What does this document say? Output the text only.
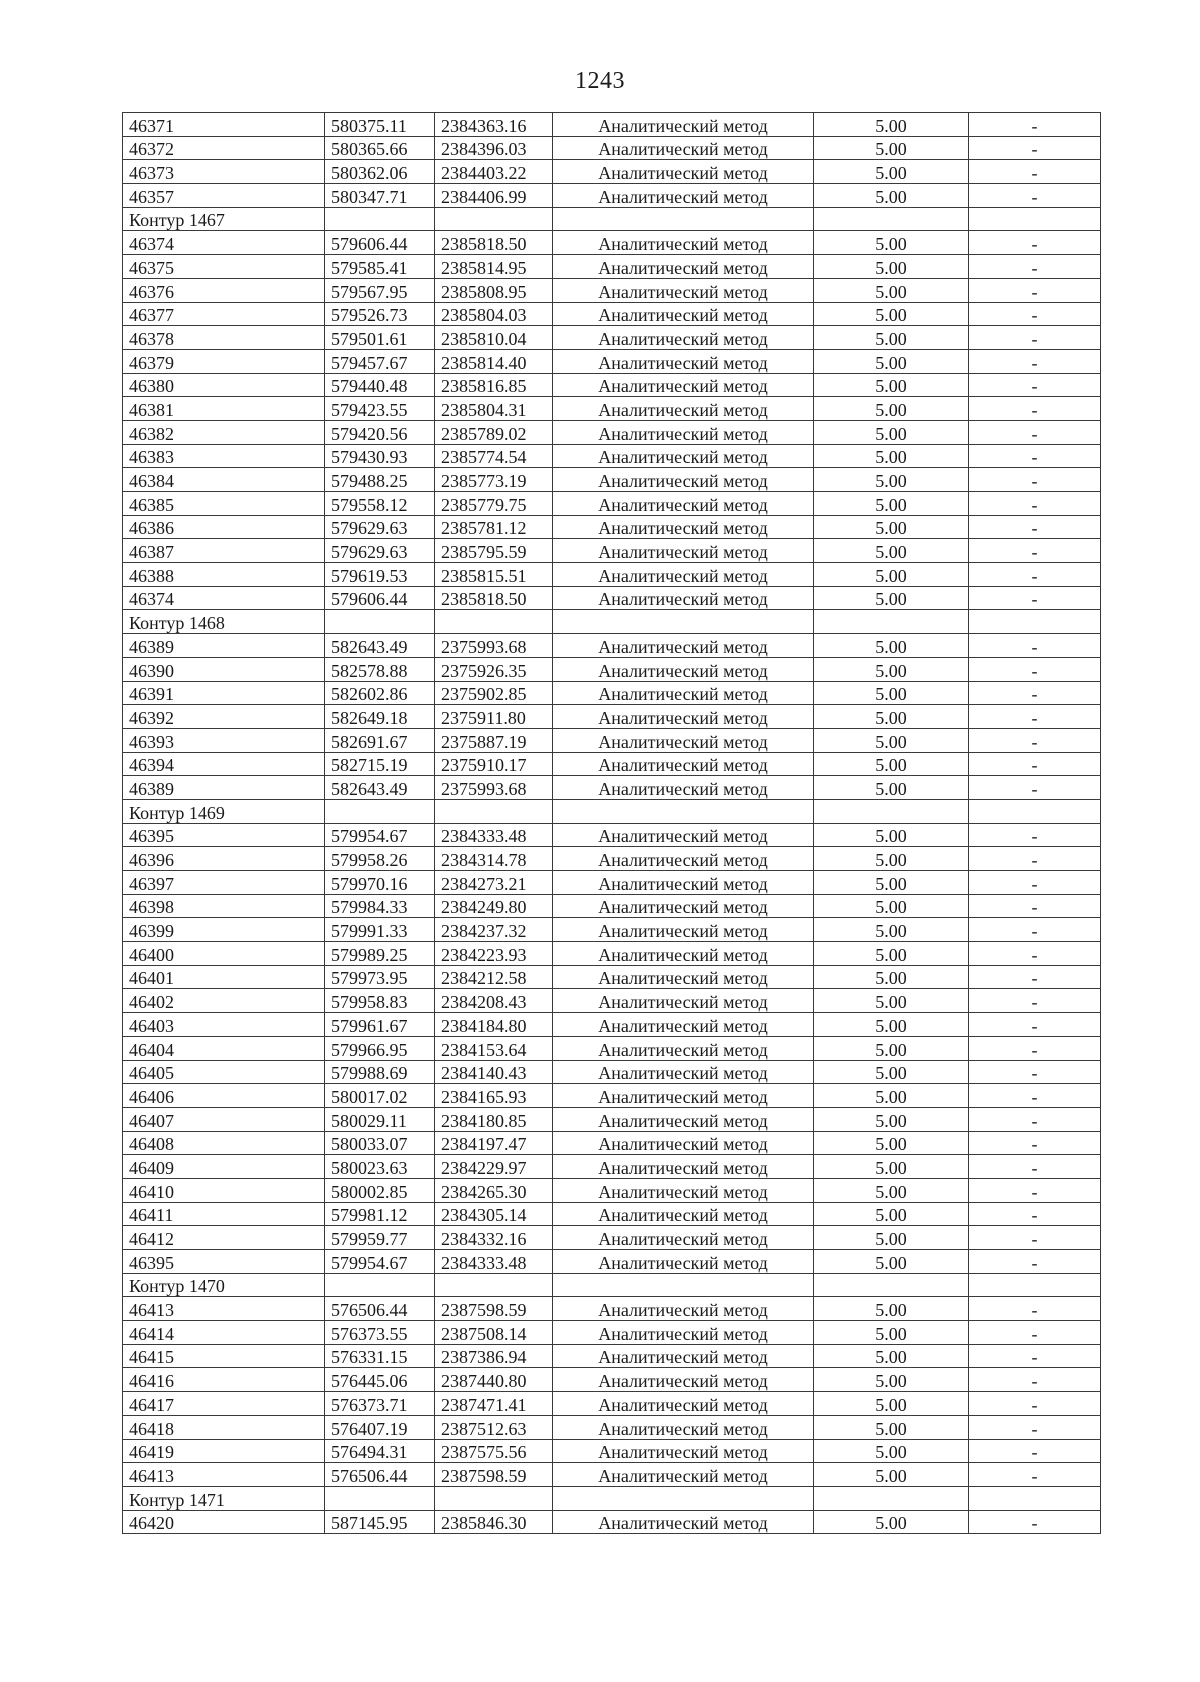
1243
46371	580375.11	2384363.16	Аналитический метод	5.00	-
46372	580365.66	2384396.03	Аналитический метод	5.00	-
46373	580362.06	2384403.22	Аналитический метод	5.00	-
46357	580347.71	2384406.99	Аналитический метод	5.00	-
Контур 1467					
46374	579606.44	2385818.50	Аналитический метод	5.00	-
46375	579585.41	2385814.95	Аналитический метод	5.00	-
46376	579567.95	2385808.95	Аналитический метод	5.00	-
46377	579526.73	2385804.03	Аналитический метод	5.00	-
46378	579501.61	2385810.04	Аналитический метод	5.00	-
46379	579457.67	2385814.40	Аналитический метод	5.00	-
46380	579440.48	2385816.85	Аналитический метод	5.00	-
46381	579423.55	2385804.31	Аналитический метод	5.00	-
46382	579420.56	2385789.02	Аналитический метод	5.00	-
46383	579430.93	2385774.54	Аналитический метод	5.00	-
46384	579488.25	2385773.19	Аналитический метод	5.00	-
46385	579558.12	2385779.75	Аналитический метод	5.00	-
46386	579629.63	2385781.12	Аналитический метод	5.00	-
46387	579629.63	2385795.59	Аналитический метод	5.00	-
46388	579619.53	2385815.51	Аналитический метод	5.00	-
46374	579606.44	2385818.50	Аналитический метод	5.00	-
Контур 1468					
46389	582643.49	2375993.68	Аналитический метод	5.00	-
46390	582578.88	2375926.35	Аналитический метод	5.00	-
46391	582602.86	2375902.85	Аналитический метод	5.00	-
46392	582649.18	2375911.80	Аналитический метод	5.00	-
46393	582691.67	2375887.19	Аналитический метод	5.00	-
46394	582715.19	2375910.17	Аналитический метод	5.00	-
46389	582643.49	2375993.68	Аналитический метод	5.00	-
Контур 1469					
46395	579954.67	2384333.48	Аналитический метод	5.00	-
46396	579958.26	2384314.78	Аналитический метод	5.00	-
46397	579970.16	2384273.21	Аналитический метод	5.00	-
46398	579984.33	2384249.80	Аналитический метод	5.00	-
46399	579991.33	2384237.32	Аналитический метод	5.00	-
46400	579989.25	2384223.93	Аналитический метод	5.00	-
46401	579973.95	2384212.58	Аналитический метод	5.00	-
46402	579958.83	2384208.43	Аналитический метод	5.00	-
46403	579961.67	2384184.80	Аналитический метод	5.00	-
46404	579966.95	2384153.64	Аналитический метод	5.00	-
46405	579988.69	2384140.43	Аналитический метод	5.00	-
46406	580017.02	2384165.93	Аналитический метод	5.00	-
46407	580029.11	2384180.85	Аналитический метод	5.00	-
46408	580033.07	2384197.47	Аналитический метод	5.00	-
46409	580023.63	2384229.97	Аналитический метод	5.00	-
46410	580002.85	2384265.30	Аналитический метод	5.00	-
46411	579981.12	2384305.14	Аналитический метод	5.00	-
46412	579959.77	2384332.16	Аналитический метод	5.00	-
46395	579954.67	2384333.48	Аналитический метод	5.00	-
Контур 1470					
46413	576506.44	2387598.59	Аналитический метод	5.00	-
46414	576373.55	2387508.14	Аналитический метод	5.00	-
46415	576331.15	2387386.94	Аналитический метод	5.00	-
46416	576445.06	2387440.80	Аналитический метод	5.00	-
46417	576373.71	2387471.41	Аналитический метод	5.00	-
46418	576407.19	2387512.63	Аналитический метод	5.00	-
46419	576494.31	2387575.56	Аналитический метод	5.00	-
46413	576506.44	2387598.59	Аналитический метод	5.00	-
Контур 1471					
46420	587145.95	2385846.30	Аналитический метод	5.00	-
